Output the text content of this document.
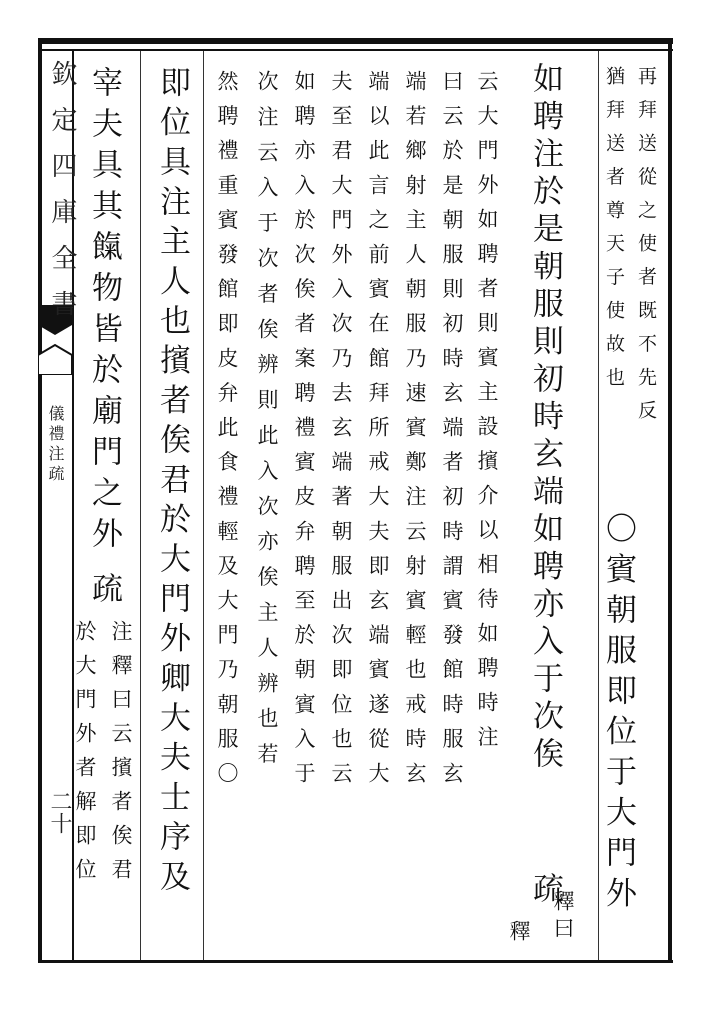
欽定四庫全書
儀禮注疏
二十
再拜送從之使者既不先反
猶拜送者尊天子使故也
〇賓朝服即位于大門外
如聘注於是朝服則初時玄端如聘亦入于次俟
疏
釋曰
云大門外如聘者則賓主設擯介以相待如聘時注
釋
曰云於是朝服則初時玄端者初時謂賓發館時服玄
端若鄉射主人朝服乃速賓鄭注云射賓輕也戒時玄
端以此言之前賓在館拜所戒大夫即玄端賓遂從大
夫至君大門外入次乃去玄端著朝服出次即位也云
如聘亦入於次俟者案聘禮賓皮弁聘至於朝賓入于
次注云入于次者俟辨則此入次亦俟主人辨也若
然聘禮重賓發館即皮弁此食禮輕及大門乃朝服〇
即位具注主人也擯者俟君於大門外卿大夫士序及
宰夫具其餼物皆於廟門之外
疏
注釋曰云擯者俟君
於大門外者解即位
